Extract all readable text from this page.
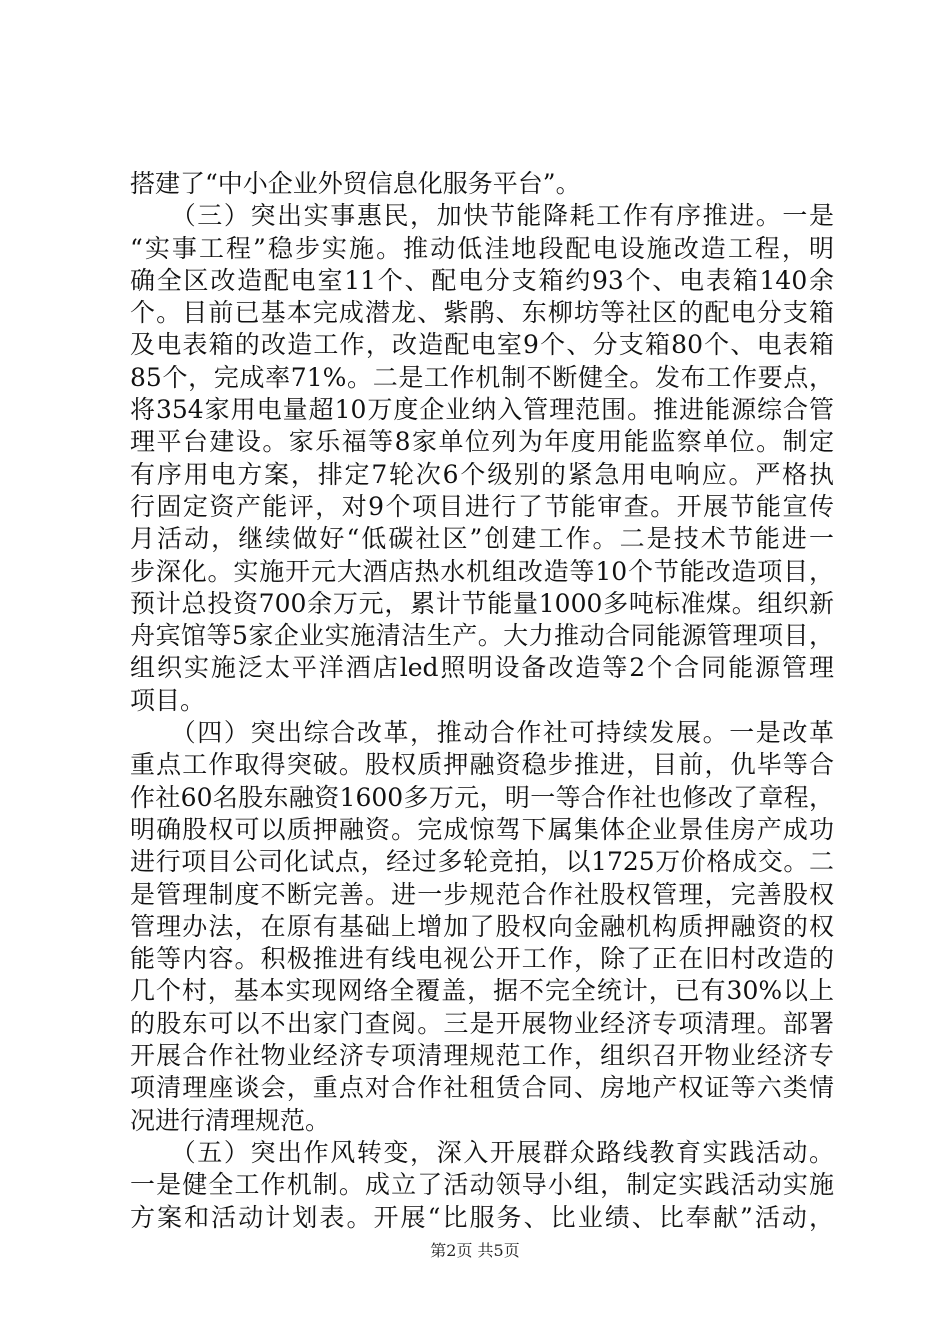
搭建了“中小企业外贸信息化服务平台”。
　　（三）突出实事惠民，加快节能降耗工作有序推进。一是
“实事工程”稳步实施。推动低洼地段配电设施改造工程，明
确全区改造配电室11个、配电分支箱约93个、电表箱140余
个。目前已基本完成潜龙、紫鹃、东柳坊等社区的配电分支箱
及电表箱的改造工作，改造配电室9个、分支箱80个、电表箱
85个，完成率71%。二是工作机制不断健全。发布工作要点，
将354家用电量超10万度企业纳入管理范围。推进能源综合管
理平台建设。家乐福等8家单位列为年度用能监察单位。制定
有序用电方案，排定7轮次6个级别的紧急用电响应。严格执
行固定资产能评，对9个项目进行了节能审查。开展节能宣传
月活动，继续做好“低碳社区”创建工作。二是技术节能进一
步深化。实施开元大酒店热水机组改造等10个节能改造项目，
预计总投资700余万元，累计节能量1000多吨标准煤。组织新
舟宾馆等5家企业实施清洁生产。大力推动合同能源管理项目，
组织实施泛太平洋酒店led照明设备改造等2个合同能源管理
项目。
　　（四）突出综合改革，推动合作社可持续发展。一是改革
重点工作取得突破。股权质押融资稳步推进，目前，仇毕等合
作社60名股东融资1600多万元，明一等合作社也修改了章程，
明确股权可以质押融资。完成惊驾下属集体企业景佳房产成功
进行项目公司化试点，经过多轮竞拍，以1725万价格成交。二
是管理制度不断完善。进一步规范合作社股权管理，完善股权
管理办法，在原有基础上增加了股权向金融机构质押融资的权
能等内容。积极推进有线电视公开工作，除了正在旧村改造的
几个村，基本实现网络全覆盖，据不完全统计，已有30%以上
的股东可以不出家门查阅。三是开展物业经济专项清理。部署
开展合作社物业经济专项清理规范工作，组织召开物业经济专
项清理座谈会，重点对合作社租赁合同、房地产权证等六类情
况进行清理规范。
　　（五）突出作风转变，深入开展群众路线教育实践活动。
一是健全工作机制。成立了活动领导小组，制定实践活动实施
方案和活动计划表。开展“比服务、比业绩、比奉献”活动，
第2页 共5页
